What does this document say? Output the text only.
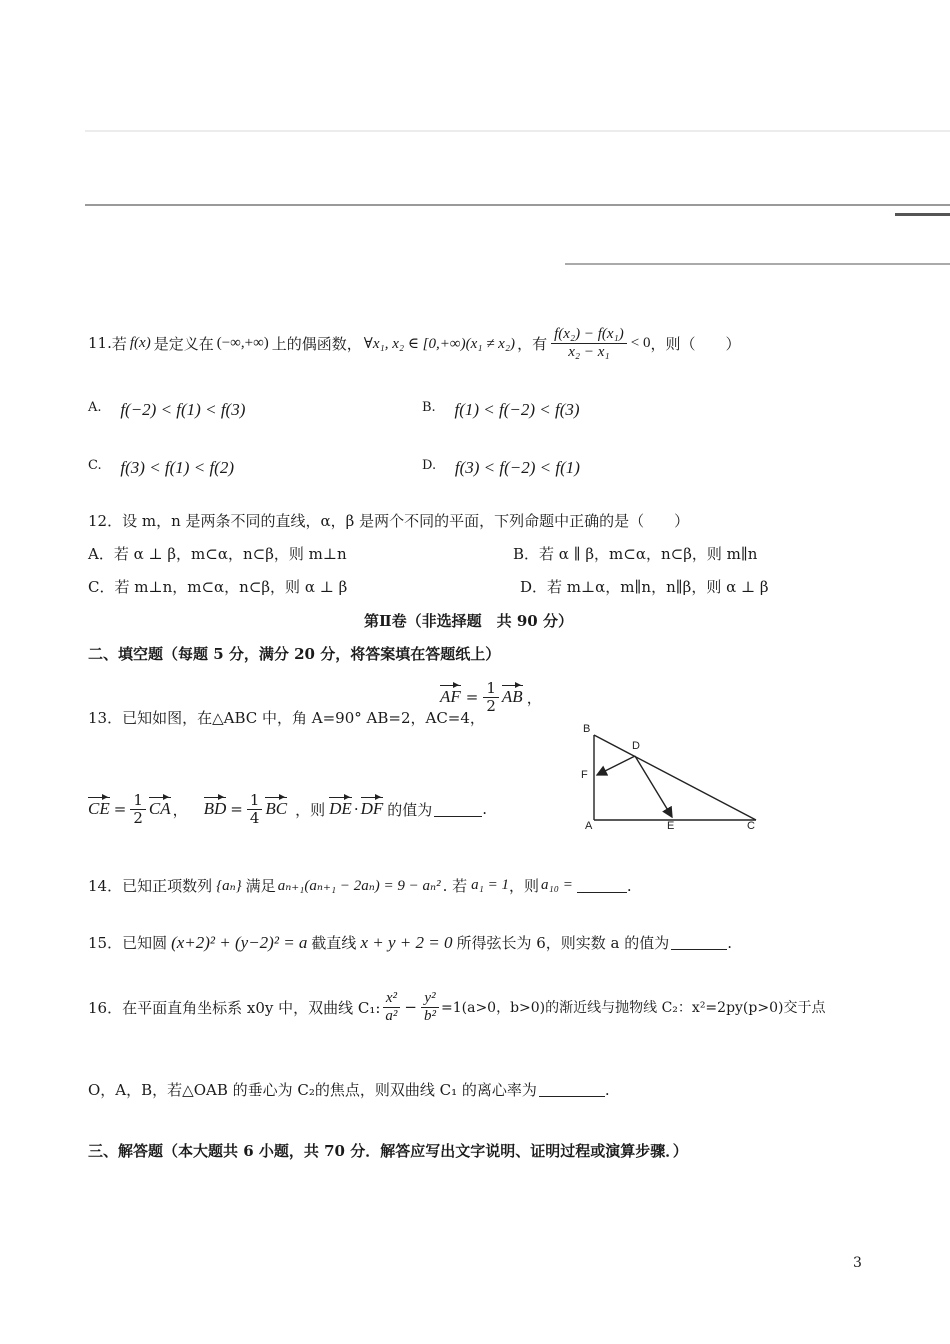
11. 若 f(x) 是定义在 (−∞,+∞) 上的偶函数， ∀x₁, x₂ ∈ [0,+∞)(x₁ ≠ x₂) ，有 $\frac{\text{f(x₂) − f(x₁)}}{\text{x₂ − x₁}} < 0$ ，则（　　）
A. f(−2) < f(1) < f(3)	B. f(1) < f(−2) < f(3)
C. f(3) < f(1) < f(2)	D. f(3) < f(−2) < f(1)
12．设 m，n 是两条不同的直线，α，β 是两个不同的平面，下列命题中正确的是（　　）
A．若 α ⊥ β，m⊂α，n⊂β，则 m⊥n	B．若 α ∥ β，m⊂α，n⊂β，则 m∥n
C．若 m⊥n，m⊂α，n⊂β，则 α ⊥ β	D．若 m⊥α，m∥n，n∥β，则 α ⊥ β
第Ⅱ卷（非选择题　共 90 分）
二、填空题（每题 5 分，满分 20 分，将答案填在答题纸上）
AF = $\frac{1}{2}$ AB ，
13．已知如图，在△ABC 中，角 A=90° AB=2，AC=4，
CE = $\frac{1}{2}$ CA ， BD = $\frac{1}{4}$ BC ，则 DE · DF 的值为	.
B
D
F
A	E	C
14．已知正项数列 {aₙ} 满足 aₙ₊₁(aₙ₊₁ − 2aₙ) = 9 − aₙ² . 若 a₁ = 1 ，则 a₁₀ =	.
15．已知圆 (x+2)² + (y−2)² = a 截直线 x + y + 2 = 0 所得弦长为 6，则实数 a 的值为	.
16．在平面直角坐标系 x0y 中，双曲线 C₁: $\frac{\text{x²}}{\text{a²}} - \frac{\text{y²}}{\text{b²}} =1(a>0$，b>0)的渐近线与抛物线 C₂：x²=2py(p>0)交于点
O，A，B，若△OAB 的垂心为 C₂的焦点，则双曲线 C₁ 的离心率为	.
三、解答题（本大题共 6 小题，共 70 分．解答应写出文字说明、证明过程或演算步骤．）
3
